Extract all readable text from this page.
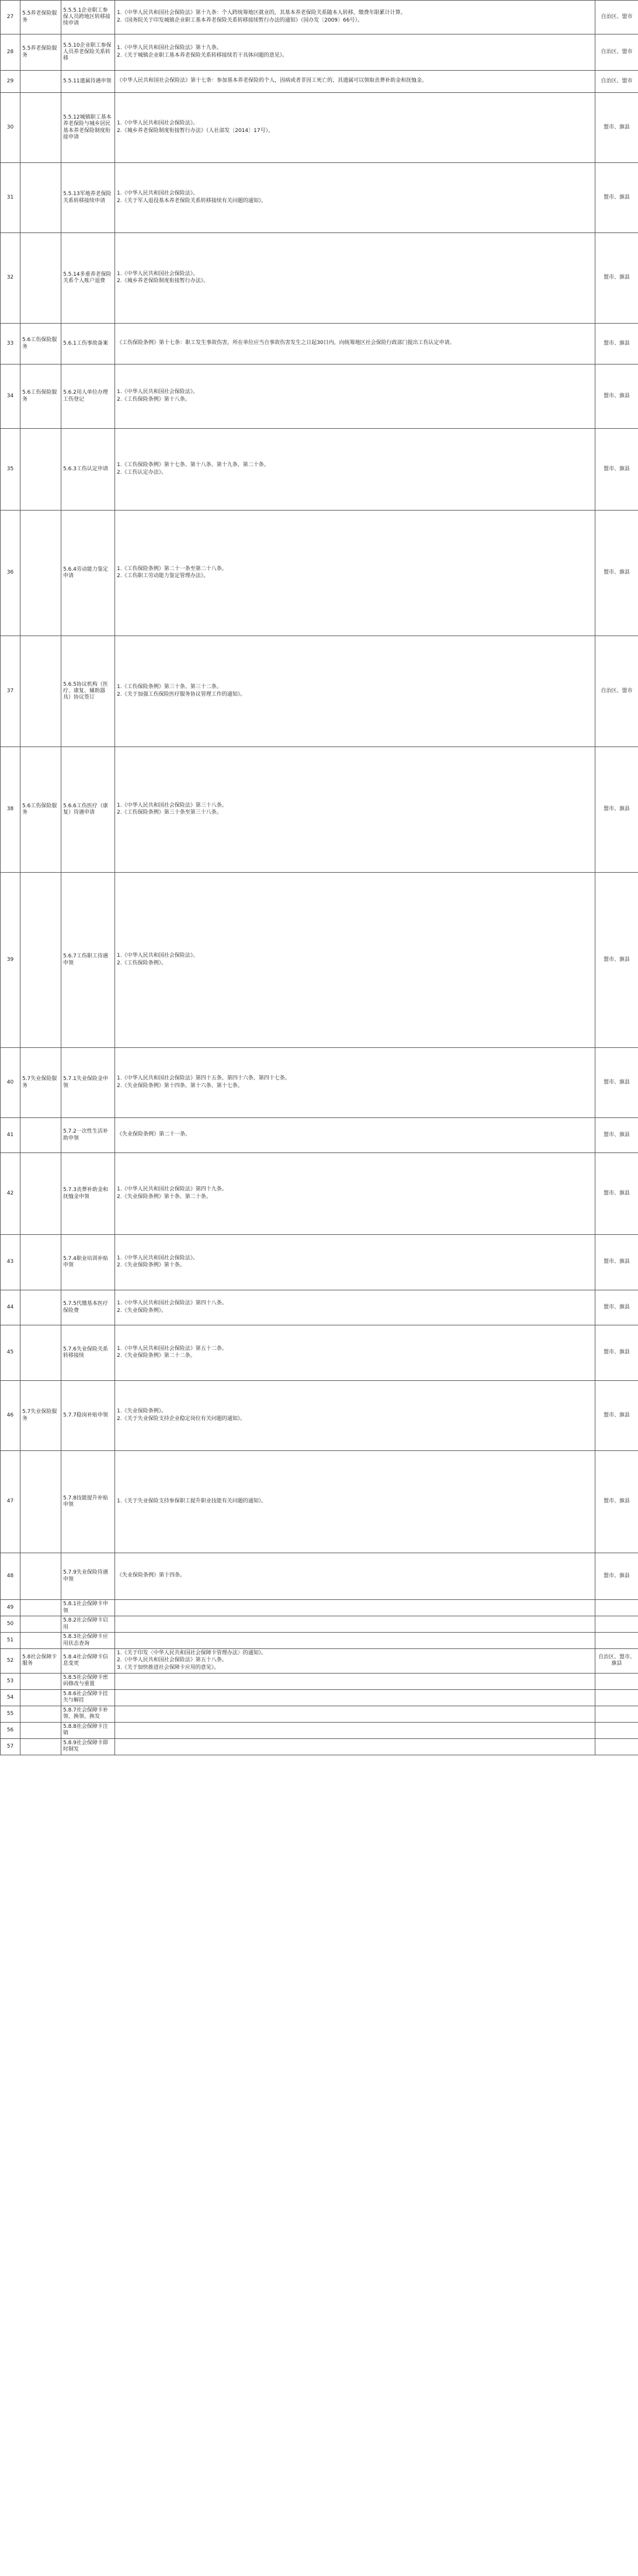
27	5.5养老保险服务	5.5.5.1企业职工参保人员跨地区转移接续申请	1.《中华人民共和国社会保险法》第十九条：个人跨统筹地区就业的，其基本养老保险关系随本人转移，缴费年限累计计算。
2.《国务院关于印发城镇企业职工基本养老保险关系转移接续暂行办法的通知》（国办发〔2009〕66号）。	自治区、盟市
28	5.5养老保险服务	5.5.10企业职工参保人员养老保险关系转移	1.《中华人民共和国社会保险法》第十九条。
2.《关于城镇企业职工基本养老保险关系转移接续若干具体问题的意见》。	自治区、盟市
29		5.5.11遗属待遇申领	《中华人民共和国社会保险法》第十七条：参加基本养老保险的个人，因病或者非因工死亡的，其遗属可以领取丧葬补助金和抚恤金。	自治区、盟市
30		5.5.12城镇职工基本养老保险与城乡居民基本养老保险制度衔接申请	1.《中华人民共和国社会保险法》。
2.《城乡养老保险制度衔接暂行办法》（人社部发〔2014〕17号）。	盟市、旗县
31		5.5.13军地养老保险关系转移接续申请	1.《中华人民共和国社会保险法》。
2.《关于军人退役基本养老保险关系转移接续有关问题的通知》。	盟市、旗县
32		5.5.14多重养老保险关系个人账户退费	1.《中华人民共和国社会保险法》。
2.《城乡养老保险制度衔接暂行办法》。	盟市、旗县
33	5.6工伤保险服务	5.6.1工伤事故备案	《工伤保险条例》第十七条：职工发生事故伤害，所在单位应当自事故伤害发生之日起30日内，向统筹地区社会保险行政部门提出工伤认定申请。	盟市、旗县
34	5.6工伤保险服务	5.6.2用人单位办理工伤登记	1.《中华人民共和国社会保险法》。
2.《工伤保险条例》第十八条。	盟市、旗县
35		5.6.3工伤认定申请	1.《工伤保险条例》第十七条、第十八条、第十九条、第二十条。
2.《工伤认定办法》。	盟市、旗县
36		5.6.4劳动能力鉴定申请	1.《工伤保险条例》第二十一条至第二十八条。
2.《工伤职工劳动能力鉴定管理办法》。	盟市、旗县
37		5.6.5协议机构（医疗、康复、辅助器具）协议签订	1.《工伤保险条例》第三十条、第三十二条。
2.《关于加强工伤保险医疗服务协议管理工作的通知》。	自治区、盟市
38	5.6工伤保险服务	5.6.6工伤医疗（康复）待遇申请	1.《中华人民共和国社会保险法》第三十八条。
2.《工伤保险条例》第三十条至第三十八条。	盟市、旗县
39		5.6.7工伤职工待遇申领	1.《中华人民共和国社会保险法》。
2.《工伤保险条例》。	盟市、旗县
40	5.7失业保险服务	5.7.1失业保险金申领	1.《中华人民共和国社会保险法》第四十五条、第四十六条、第四十七条。
2.《失业保险条例》第十四条、第十六条、第十七条。	盟市、旗县
41		5.7.2一次性生活补助申领	《失业保险条例》第二十一条。	盟市、旗县
42		5.7.3丧葬补助金和抚恤金申领	1.《中华人民共和国社会保险法》第四十九条。
2.《失业保险条例》第十条、第二十条。	盟市、旗县
43		5.7.4职业培训补贴申领	1.《中华人民共和国社会保险法》。
2.《失业保险条例》第十条。	盟市、旗县
44		5.7.5代缴基本医疗保险费	1.《中华人民共和国社会保险法》第四十八条。
2.《失业保险条例》。	盟市、旗县
45		5.7.6失业保险关系转移接续	1.《中华人民共和国社会保险法》第五十二条。
2.《失业保险条例》第二十二条。	盟市、旗县
46	5.7失业保险服务	5.7.7稳岗补贴申领	1.《失业保险条例》。
2.《关于失业保险支持企业稳定岗位有关问题的通知》。	盟市、旗县
47		5.7.8技能提升补贴申领	1.《关于失业保险支持参保职工提升职业技能有关问题的通知》。	盟市、旗县
48		5.7.9失业保险待遇申领	《失业保险条例》第十四条。	盟市、旗县
49		5.8.1社会保障卡申领	

50		5.8.2社会保障卡启用	

51		5.8.3社会保障卡应用状态查询	

52	5.8社会保障卡服务	5.8.4社会保障卡信息变更	1.《关于印发〈中华人民共和国社会保障卡管理办法〉的通知》。
2.《中华人民共和国社会保险法》第五十八条。
3.《关于加快推进社会保障卡应用的意见》。	自治区、盟市、旗县
53		5.8.5社会保障卡密码修改与重置	

54		5.8.6社会保障卡挂失与解挂	

55		5.8.7社会保障卡补领、换领、换发	

56		5.8.8社会保障卡注销	

57		5.8.9社会保障卡即时制发	
